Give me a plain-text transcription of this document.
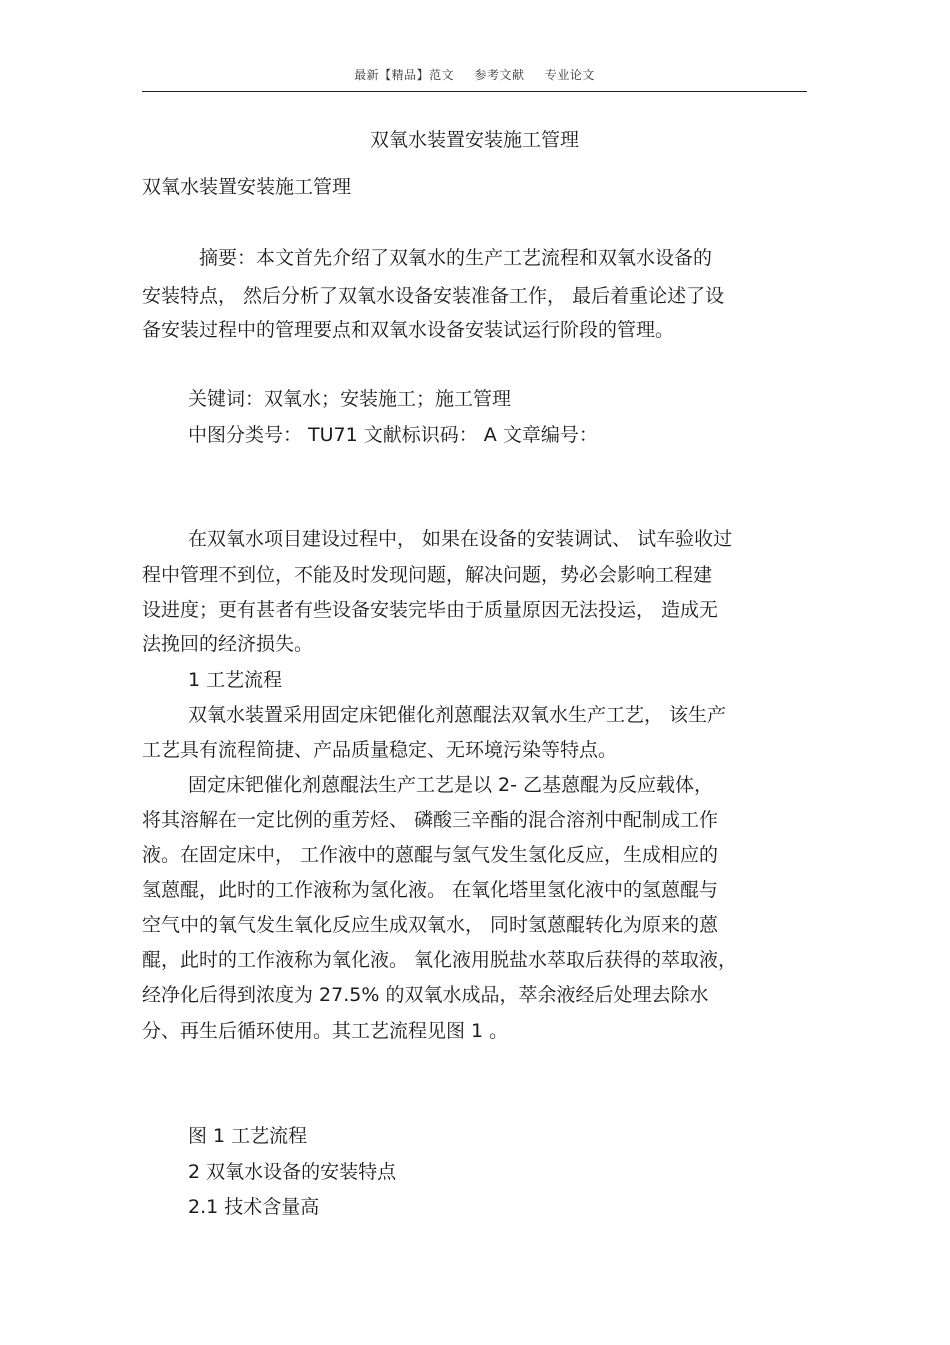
最新【精品】范文 参考文献 专业论文
双氧水装置安装施工管理
双氧水装置安装施工管理
摘要：本文首先介绍了双氧水的生产工艺流程和双氧水设备的
安装特点， 然后分析了双氧水设备安装准备工作， 最后着重论述了设
备安装过程中的管理要点和双氧水设备安装试运行阶段的管理。
关键词：双氧水；安装施工；施工管理
中图分类号： TU71 文献标识码： A 文章编号：
在双氧水项目建设过程中， 如果在设备的安装调试、 试车验收过
程中管理不到位，不能及时发现问题，解决问题，势必会影响工程建
设进度；更有甚者有些设备安装完毕由于质量原因无法投运， 造成无
法挽回的经济损失。
1 工艺流程
双氧水装置采用固定床钯催化剂蒽醌法双氧水生产工艺， 该生产
工艺具有流程简捷、产品质量稳定、无环境污染等特点。
固定床钯催化剂蒽醌法生产工艺是以 2- 乙基蒽醌为反应载体，
将其溶解在一定比例的重芳烃、 磷酸三辛酯的混合溶剂中配制成工作
液。在固定床中， 工作液中的蒽醌与氢气发生氢化反应，生成相应的
氢蒽醌，此时的工作液称为氢化液。 在氧化塔里氢化液中的氢蒽醌与
空气中的氧气发生氧化反应生成双氧水， 同时氢蒽醌转化为原来的蒽
醌，此时的工作液称为氧化液。 氧化液用脱盐水萃取后获得的萃取液，
经净化后得到浓度为 27.5% 的双氧水成品，萃余液经后处理去除水
分、再生后循环使用。其工艺流程见图 1 。
图 1 工艺流程
2 双氧水设备的安装特点
2.1 技术含量高
